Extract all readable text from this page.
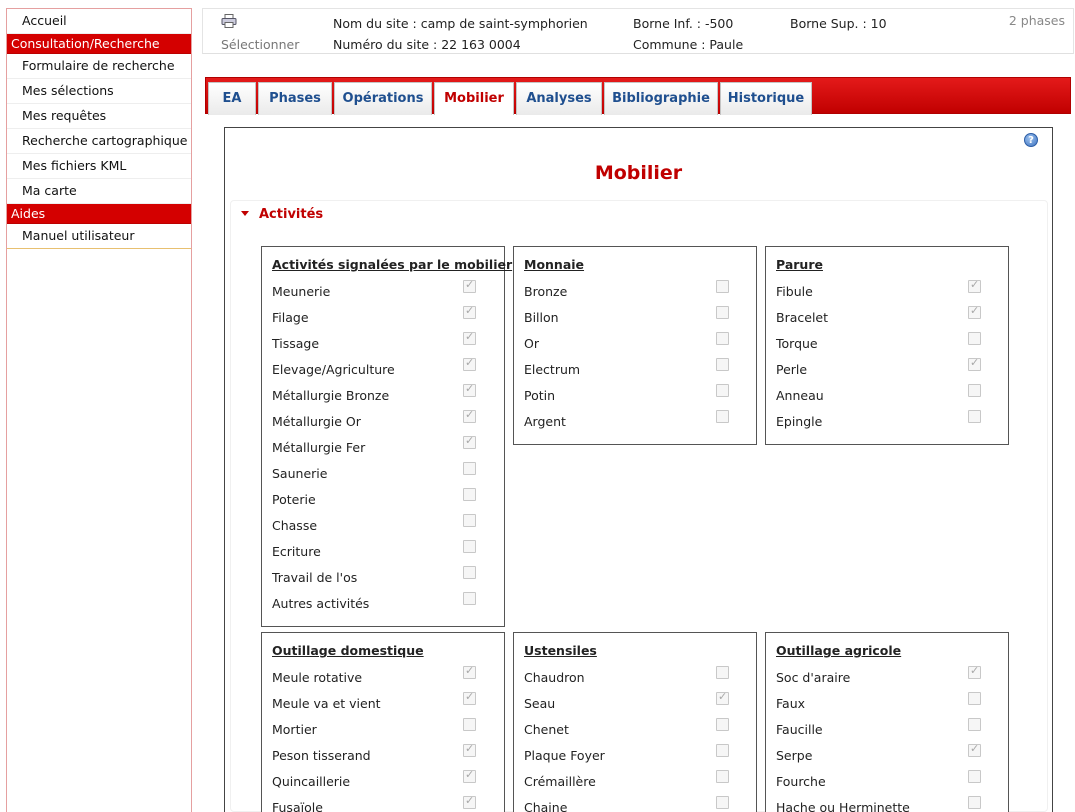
Accueil
Consultation/Recherche
Formulaire de recherche
Mes sélections
Mes requêtes
Recherche cartographique
Mes fichiers KML
Ma carte
Aides
Manuel utilisateur
Sélectionner
Nom du site : camp de saint-symphorien
Numéro du site : 22 163 0004
Borne Inf. : -500
Commune : Paule
Borne Sup. : 10	2 phases
EA	Phases	Opérations	Mobilier	Analyses	Bibliographie	Historique
?
Mobilier
Activités
Activités signalées par le mobilier
Meunerie
✓
Filage
✓
Tissage
✓
Elevage/Agriculture
✓
Métallurgie Bronze
✓
Métallurgie Or
✓
Métallurgie Fer
✓
Saunerie
Poterie
Chasse
Ecriture
Travail de l'os
Autres activités
Monnaie
Bronze
Billon
Or
Electrum
Potin
Argent
Parure
Fibule
✓
Bracelet
✓
Torque
Perle
✓
Anneau
Epingle
Outillage domestique
Meule rotative
✓
Meule va et vient
✓
Mortier
Peson tisserand
✓
Quincaillerie
✓
Fusaïole
✓
Ustensiles
Chaudron
Seau
✓
Chenet
Plaque Foyer
Crémaillère
Chaine
Outillage agricole
Soc d'araire
✓
Faux
Faucille
Serpe
✓
Fourche
Hache ou Herminette
